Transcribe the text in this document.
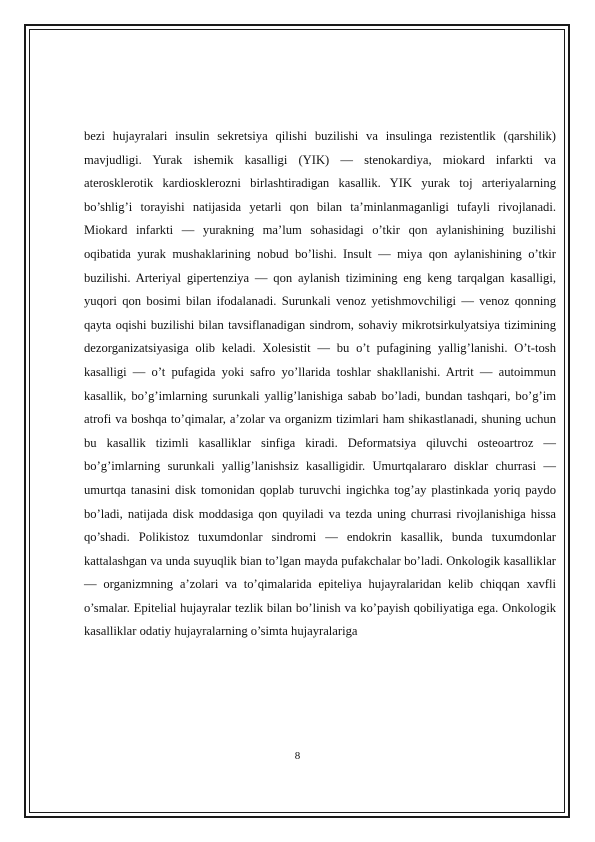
bezi hujayralari insulin sekretsiya qilishi buzilishi va insulinga rezistentlik (qarshilik) mavjudligi. Yurak ishemik kasalligi (YIK) — stenokardiya, miokard infarkti va aterosklerotik kardiosklerozni birlashtiradigan kasallik. YIK yurak toj arteriyalarning bo’shlig’i torayishi natijasida yetarli qon bilan ta’minlanmaganligi tufayli rivojlanadi. Miokard infarkti — yurakning ma’lum sohasidagi o’tkir qon aylanishining buzilishi oqibatida yurak mushaklarining nobud bo’lishi. Insult — miya qon aylanishining o’tkir buzilishi. Arteriyal gipertenziya — qon aylanish tizimining eng keng tarqalgan kasalligi, yuqori qon bosimi bilan ifodalanadi. Surunkali venoz yetishmovchiligi — venoz qonning qayta oqishi buzilishi bilan tavsiflanadigan sindrom, sohaviy mikrotsirkulyatsiya tizimining dezorganizatsiyasiga olib keladi. Xolesistit — bu o’t pufagining yallig’lanishi. O’t-tosh kasalligi — o’t pufagida yoki safro yo’llarida toshlar shakllanishi. Artrit — autoimmun kasallik, bo’g’imlarning surunkali yallig’lanishiga sabab bo’ladi, bundan tashqari, bo’g’im atrofi va boshqa to’qimalar, a’zolar va organizm tizimlari ham shikastlanadi, shuning uchun bu kasallik tizimli kasalliklar sinfiga kiradi. Deformatsiya qiluvchi osteoartroz — bo’g’imlarning surunkali yallig’lanishsiz kasalligidir. Umurtqalararo disklar churrasi — umurtqa tanasini disk tomonidan qoplab turuvchi ingichka tog’ay plastinkada yoriq paydo bo’ladi, natijada disk moddasiga qon quyiladi va tezda uning churrasi rivojlanishiga hissa qo’shadi. Polikistoz tuxumdonlar sindromi — endokrin kasallik, bunda tuxumdonlar kattalashgan va unda suyuqlik bian to’lgan mayda pufakchalar bo’ladi. Onkologik kasalliklar — organizmning a’zolari va to’qimalarida epiteliya hujayralaridan kelib chiqqan xavfli o’smalar. Epitelial hujayralar tezlik bilan bo’linish va ko’payish qobiliyatiga ega. Onkologik kasalliklar odatiy hujayralarning o’simta hujayralariga

8
